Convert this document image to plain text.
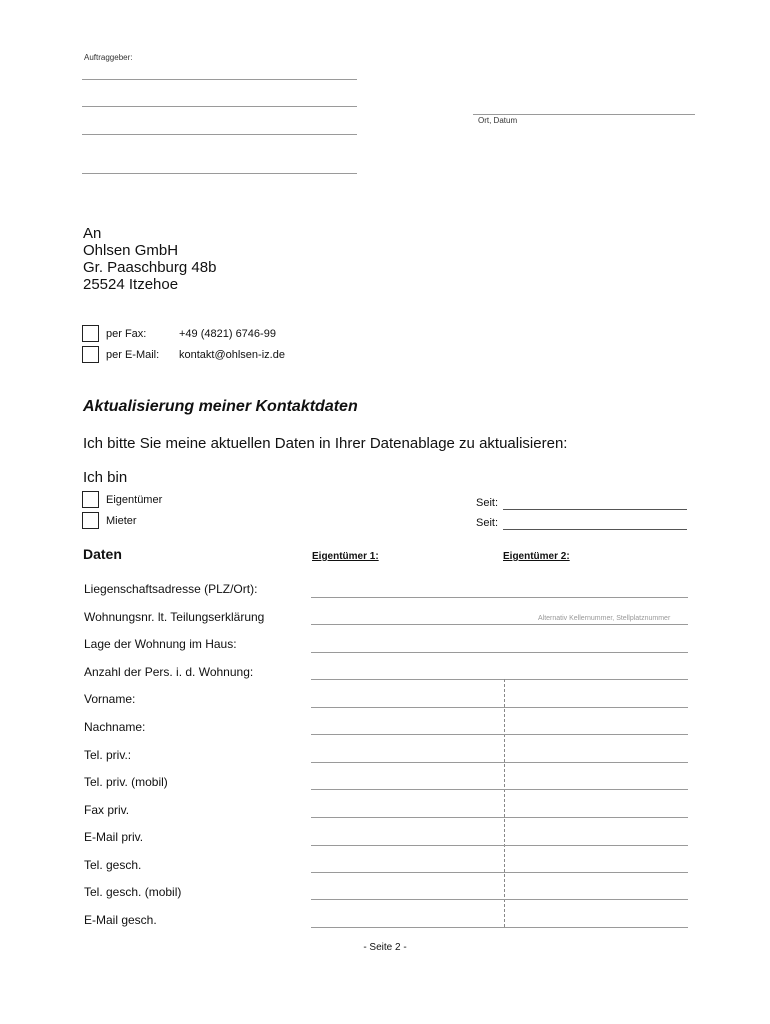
Auftraggeber:
Ort, Datum
An
Ohlsen GmbH
Gr. Paaschburg 48b
25524 Itzehoe
per Fax:	+49 (4821) 6746-99
per E-Mail: kontakt@ohlsen-iz.de
Aktualisierung meiner Kontaktdaten
Ich bitte Sie meine aktuellen Daten in Ihrer Datenablage zu aktualisieren:
Ich bin
Eigentümer	Seit:
Mieter	Seit:
Daten	Eigentümer 1:	Eigentümer 2:
Liegenschaftsadresse (PLZ/Ort):
Wohnungsnr. lt. Teilungserklärung	Alternativ Kellernummer, Stellplatznummer
Lage der Wohnung im Haus:
Anzahl der Pers. i. d. Wohnung:
Vorname:
Nachname:
Tel. priv.:
Tel. priv. (mobil)
Fax priv.
E-Mail priv.
Tel. gesch.
Tel. gesch. (mobil)
E-Mail gesch.
- Seite 2 -
